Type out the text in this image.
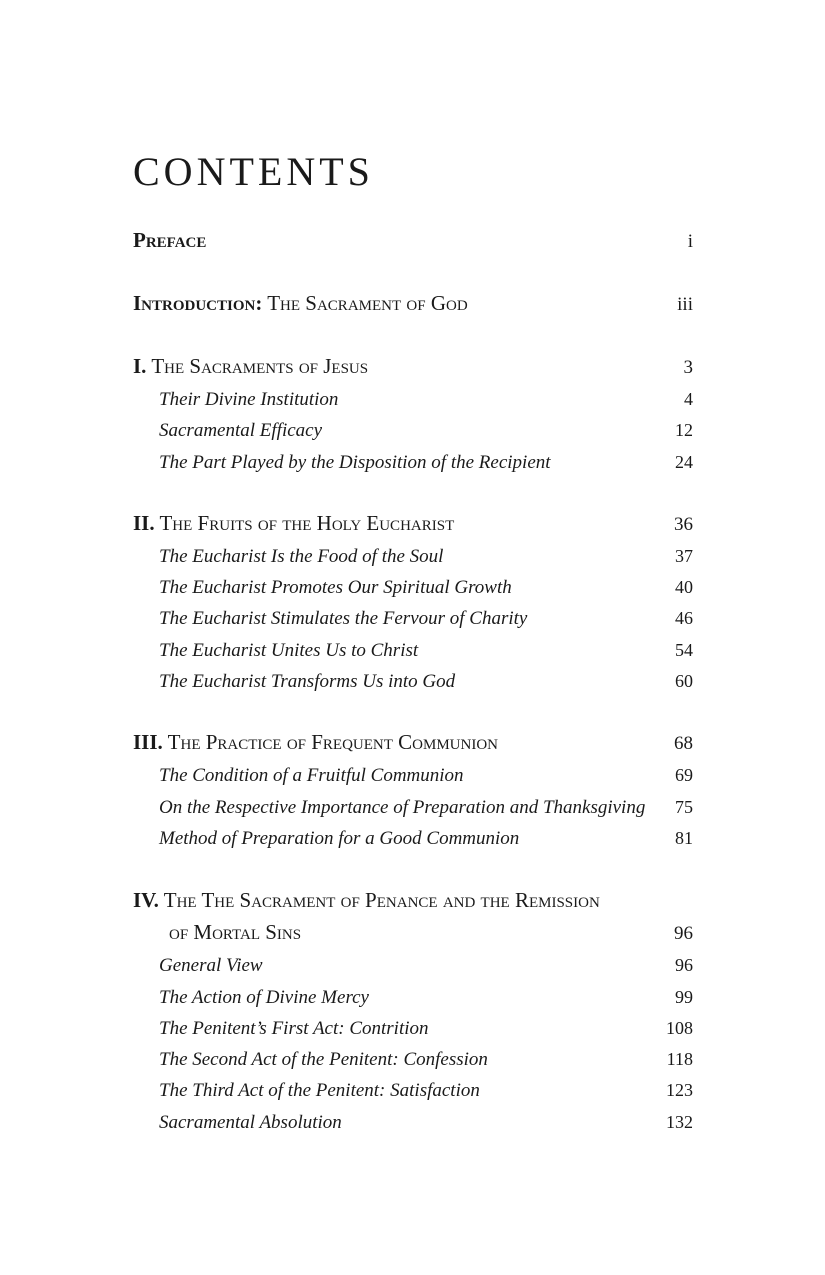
CONTENTS
Preface	i
Introduction: The Sacrament of God	iii
I. The Sacraments of Jesus	3
Their Divine Institution	4
Sacramental Efficacy	12
The Part Played by the Disposition of the Recipient	24
II. The Fruits of the Holy Eucharist	36
The Eucharist Is the Food of the Soul	37
The Eucharist Promotes Our Spiritual Growth	40
The Eucharist Stimulates the Fervour of Charity	46
The Eucharist Unites Us to Christ	54
The Eucharist Transforms Us into God	60
III. The Practice of Frequent Communion	68
The Condition of a Fruitful Communion	69
On the Respective Importance of Preparation and Thanksgiving 75
Method of Preparation for a Good Communion	81
IV. The The Sacrament of Penance and the Remission
of Mortal Sins	96
General View	96
The Action of Divine Mercy	99
The Penitent’s First Act: Contrition	108
The Second Act of the Penitent: Confession	118
The Third Act of the Penitent: Satisfaction	123
Sacramental Absolution	132
